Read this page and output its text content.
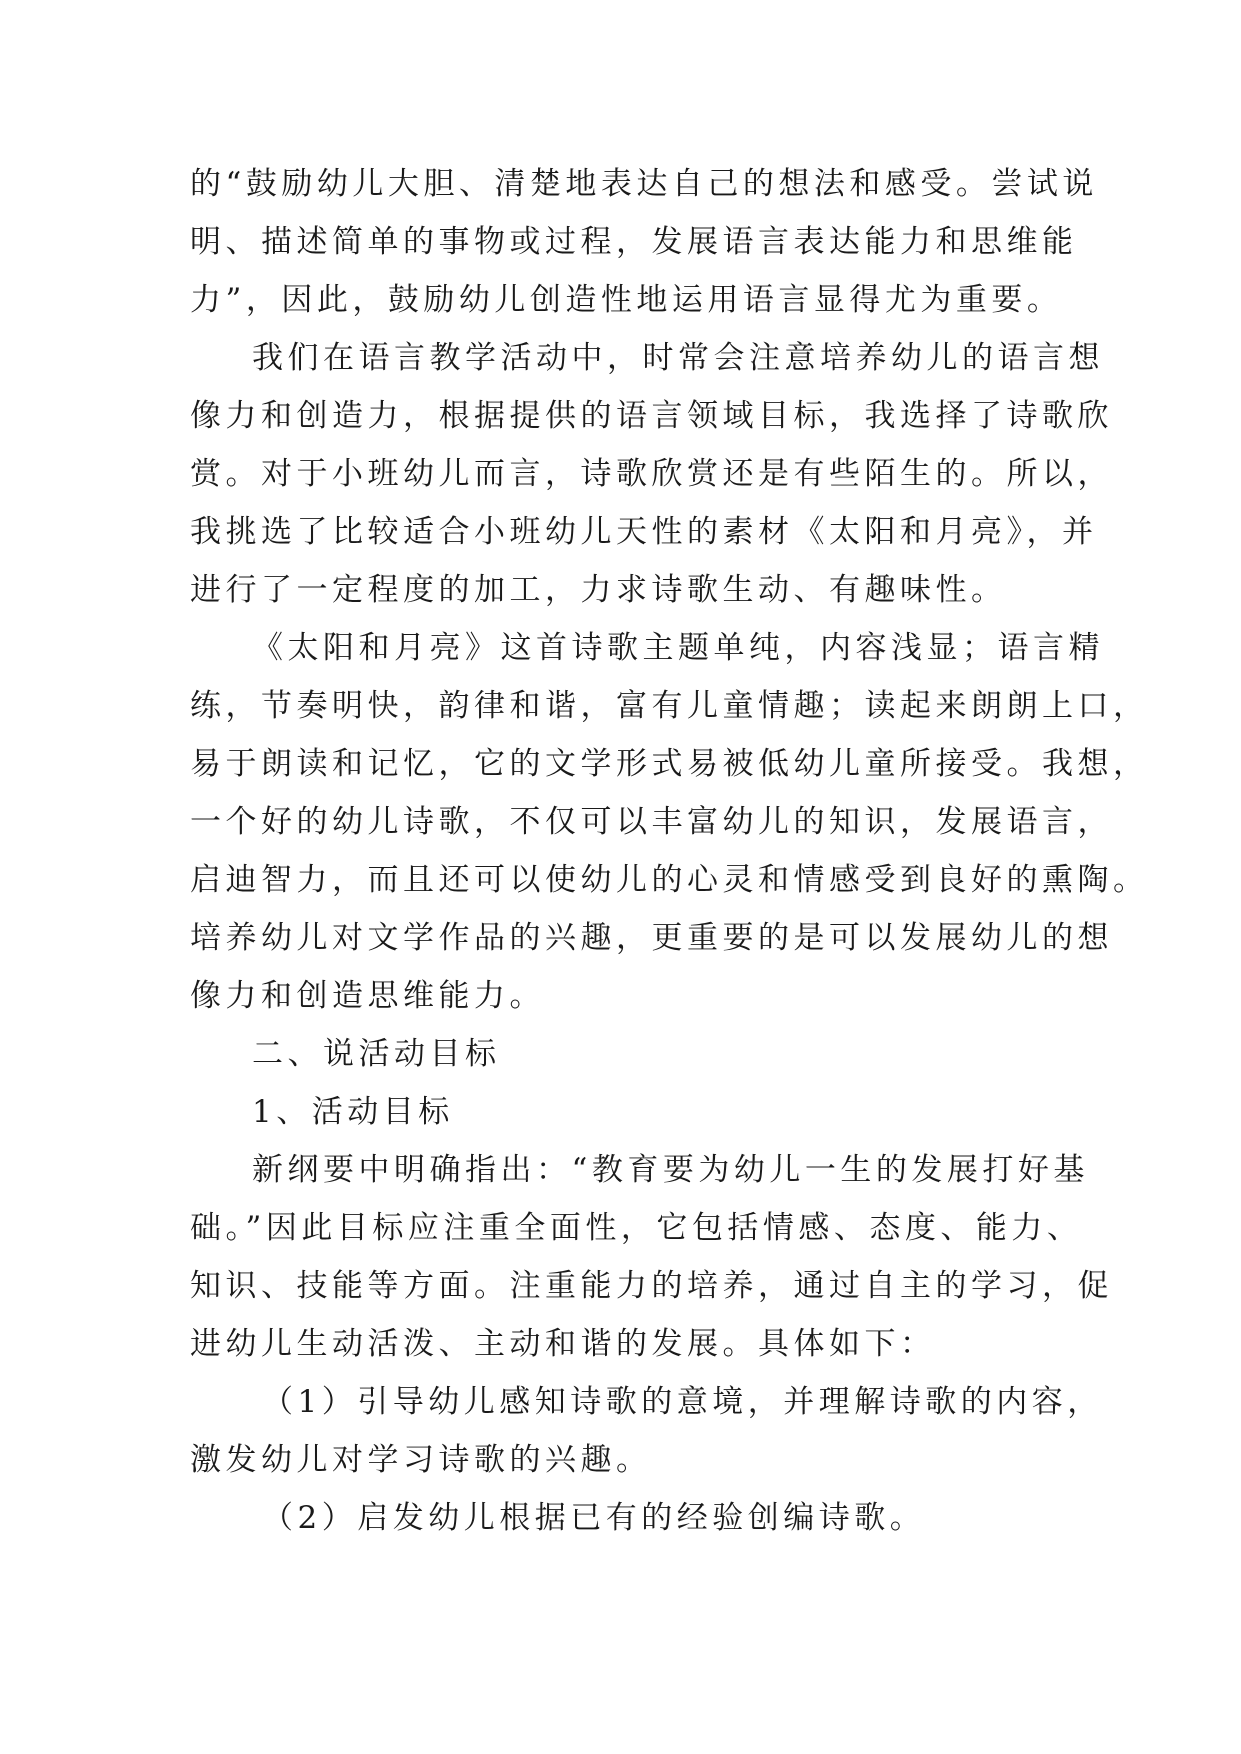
的“鼓励幼儿大胆、清楚地表达自己的想法和感受。尝试说
明、描述简单的事物或过程，发展语言表达能力和思维能
力”，因此，鼓励幼儿创造性地运用语言显得尤为重要。
我们在语言教学活动中，时常会注意培养幼儿的语言想
像力和创造力，根据提供的语言领域目标，我选择了诗歌欣
赏。对于小班幼儿而言，诗歌欣赏还是有些陌生的。所以，
我挑选了比较适合小班幼儿天性的素材《太阳和月亮》，并
进行了一定程度的加工，力求诗歌生动、有趣味性。
《太阳和月亮》这首诗歌主题单纯，内容浅显；语言精
练，节奏明快，韵律和谐，富有儿童情趣；读起来朗朗上口，
易于朗读和记忆，它的文学形式易被低幼儿童所接受。我想，
一个好的幼儿诗歌，不仅可以丰富幼儿的知识，发展语言，
启迪智力，而且还可以使幼儿的心灵和情感受到良好的熏陶。
培养幼儿对文学作品的兴趣，更重要的是可以发展幼儿的想
像力和创造思维能力。
二、说活动目标
1、活动目标
新纲要中明确指出：“教育要为幼儿一生的发展打好基
础。”因此目标应注重全面性，它包括情感、态度、能力、
知识、技能等方面。注重能力的培养，通过自主的学习，促
进幼儿生动活泼、主动和谐的发展。具体如下：
（1）引导幼儿感知诗歌的意境，并理解诗歌的内容，
激发幼儿对学习诗歌的兴趣。
（2）启发幼儿根据已有的经验创编诗歌。
